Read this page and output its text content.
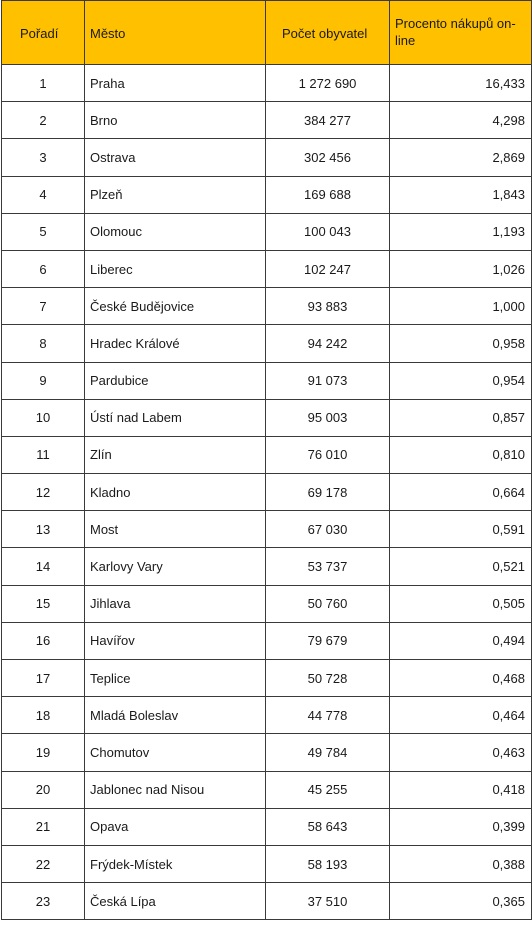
Pořadí	Město	Počet obyvatel	Procento nákupů on-line
1	Praha	1 272 690	16,433
2	Brno	384 277	4,298
3	Ostrava	302 456	2,869
4	Plzeň	169 688	1,843
5	Olomouc	100 043	1,193
6	Liberec	102 247	1,026
7	České Budějovice	93 883	1,000
8	Hradec Králové	94 242	0,958
9	Pardubice	91 073	0,954
10	Ústí nad Labem	95 003	0,857
11	Zlín	76 010	0,810
12	Kladno	69 178	0,664
13	Most	67 030	0,591
14	Karlovy Vary	53 737	0,521
15	Jihlava	50 760	0,505
16	Havířov	79 679	0,494
17	Teplice	50 728	0,468
18	Mladá Boleslav	44 778	0,464
19	Chomutov	49 784	0,463
20	Jablonec nad Nisou	45 255	0,418
21	Opava	58 643	0,399
22	Frýdek-Místek	58 193	0,388
23	Česká Lípa	37 510	0,365
